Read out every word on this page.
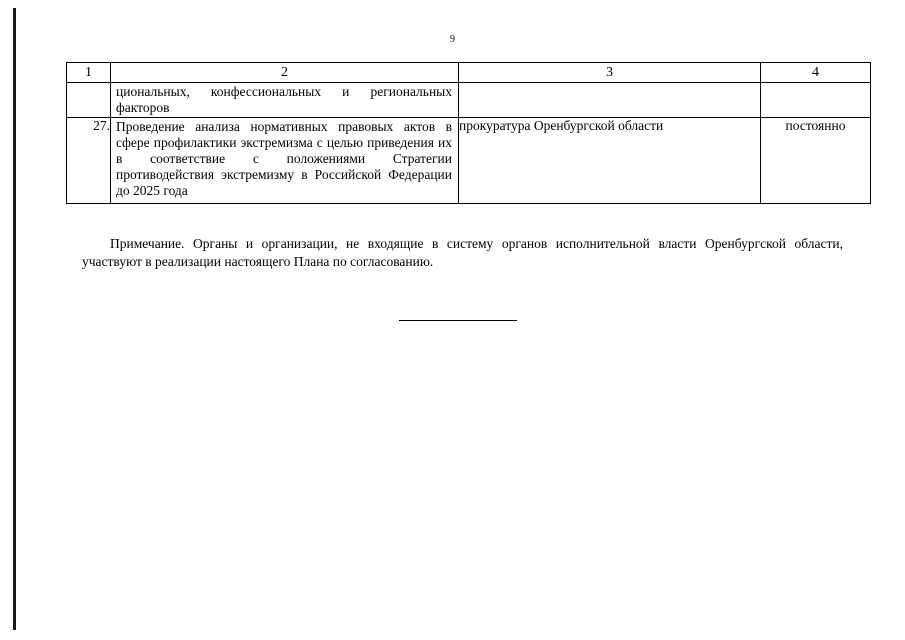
9
1	2	3	4

	циональных, конфессиональных и региональных факторов		

27.	Проведение анализа нормативных правовых актов в сфере профилактики экстремизма с целью приведения их в соответствие с положениями Стратегии противодействия экстремизму в Российской Федерации до 2025 года	прокуратура Оренбургской области	постоянно
Примечание. Органы и организации, не входящие в систему органов исполнительной власти Оренбургской области, участвуют в реализации настоящего Плана по согласованию.
